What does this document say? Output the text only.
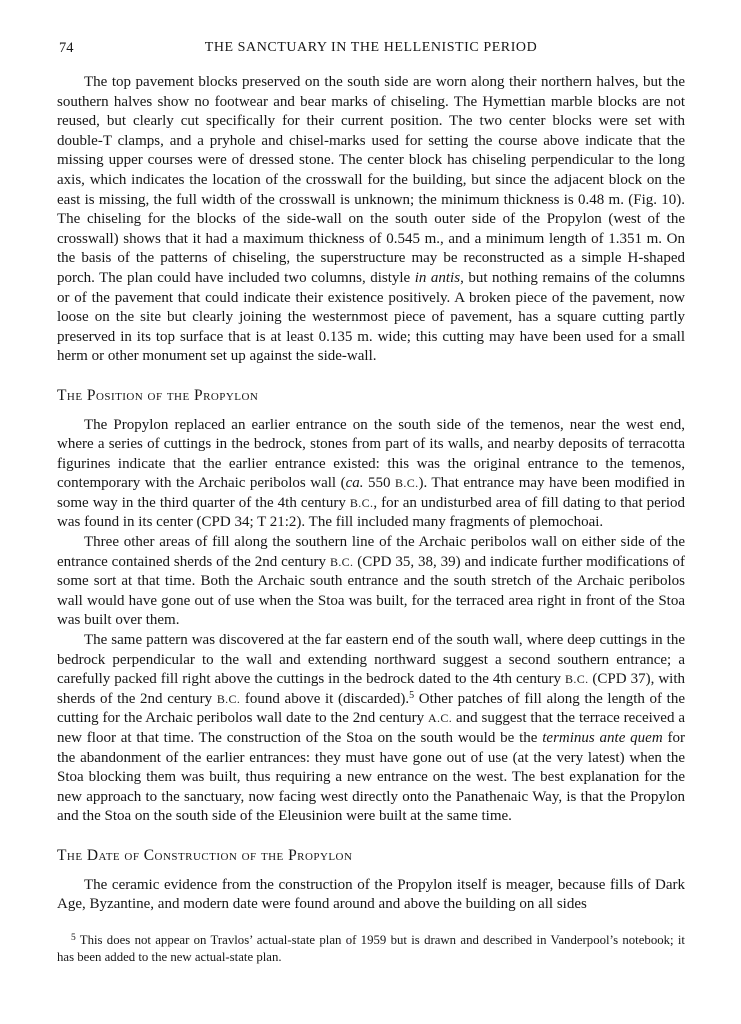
74	THE SANCTUARY IN THE HELLENISTIC PERIOD

The top pavement blocks preserved on the south side are worn along their northern halves, but the southern halves show no footwear and bear marks of chiseling. The Hymettian marble blocks are not reused, but clearly cut specifically for their current position. The two center blocks were set with double-T clamps, and a pryhole and chisel-marks used for setting the course above indicate that the missing upper courses were of dressed stone. The center block has chiseling perpendicular to the long axis, which indicates the location of the crosswall for the building, but since the adjacent block on the east is missing, the full width of the crosswall is unknown; the minimum thickness is 0.48 m. (Fig. 10). The chiseling for the blocks of the side-wall on the south outer side of the Propylon (west of the crosswall) shows that it had a maximum thickness of 0.545 m., and a minimum length of 1.351 m. On the basis of the patterns of chiseling, the superstructure may be reconstructed as a simple H-shaped porch. The plan could have included two columns, distyle in antis, but nothing remains of the columns or of the pavement that could indicate their existence positively. A broken piece of the pavement, now loose on the site but clearly joining the westernmost piece of pavement, has a square cutting partly preserved in its top surface that is at least 0.135 m. wide; this cutting may have been used for a small herm or other monument set up against the side-wall.

The Position of the Propylon

The Propylon replaced an earlier entrance on the south side of the temenos, near the west end, where a series of cuttings in the bedrock, stones from part of its walls, and nearby deposits of terracotta figurines indicate that the earlier entrance existed: this was the original entrance to the temenos, contemporary with the Archaic peribolos wall (ca. 550 B.C.). That entrance may have been modified in some way in the third quarter of the 4th century B.C., for an undisturbed area of fill dating to that period was found in its center (CPD 34; T 21:2). The fill included many fragments of plemochoai.

Three other areas of fill along the southern line of the Archaic peribolos wall on either side of the entrance contained sherds of the 2nd century B.C. (CPD 35, 38, 39) and indicate further modifications of some sort at that time. Both the Archaic south entrance and the south stretch of the Archaic peribolos wall would have gone out of use when the Stoa was built, for the terraced area right in front of the Stoa was built over them.

The same pattern was discovered at the far eastern end of the south wall, where deep cuttings in the bedrock perpendicular to the wall and extending northward suggest a second southern entrance; a carefully packed fill right above the cuttings in the bedrock dated to the 4th century B.C. (CPD 37), with sherds of the 2nd century B.C. found above it (discarded).$^5$ Other patches of fill along the length of the cutting for the Archaic peribolos wall date to the 2nd century A.C. and suggest that the terrace received a new floor at that time. The construction of the Stoa on the south would be the terminus ante quem for the abandonment of the earlier entrances: they must have gone out of use (at the very latest) when the Stoa blocking them was built, thus requiring a new entrance on the west. The best explanation for the new approach to the sanctuary, now facing west directly onto the Panathenaic Way, is that the Propylon and the Stoa on the south side of the Eleusinion were built at the same time.

The Date of Construction of the Propylon

The ceramic evidence from the construction of the Propylon itself is meager, because fills of Dark Age, Byzantine, and modern date were found around and above the building on all sides

$^5$ This does not appear on Travlos’ actual-state plan of 1959 but is drawn and described in Vanderpool’s notebook; it has been added to the new actual-state plan.
